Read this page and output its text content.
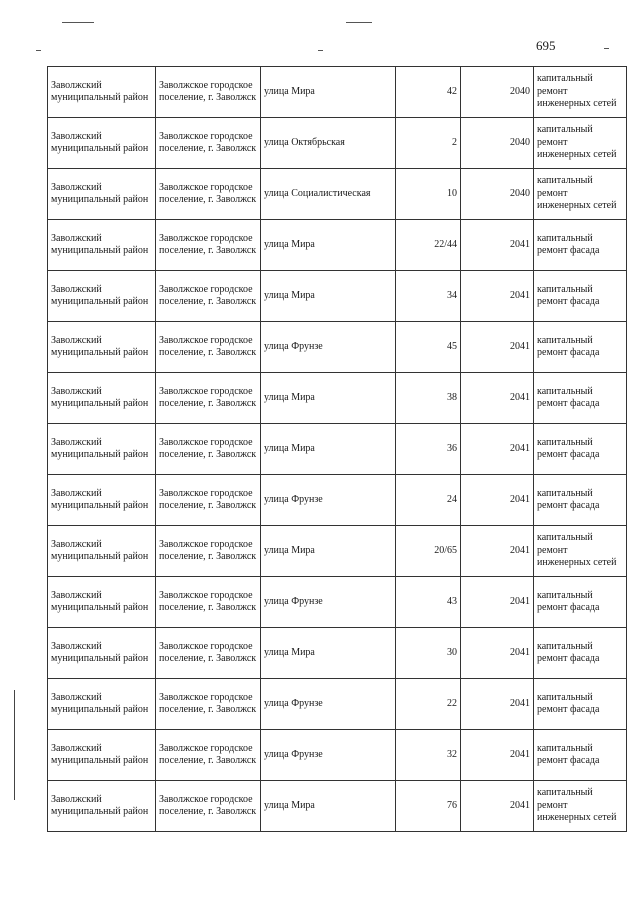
695
Заволжский муниципальный район	Заволжское городское поселение, г. Заволжск	улица Мира	42	2040	капитальный ремонт инженерных сетей
Заволжский муниципальный район	Заволжское городское поселение, г. Заволжск	улица Октябрьская	2	2040	капитальный ремонт инженерных сетей
Заволжский муниципальный район	Заволжское городское поселение, г. Заволжск	улица Социалистическая	10	2040	капитальный ремонт инженерных сетей
Заволжский муниципальный район	Заволжское городское поселение, г. Заволжск	улица Мира	22/44	2041	капитальный ремонт фасада
Заволжский муниципальный район	Заволжское городское поселение, г. Заволжск	улица Мира	34	2041	капитальный ремонт фасада
Заволжский муниципальный район	Заволжское городское поселение, г. Заволжск	улица Фрунзе	45	2041	капитальный ремонт фасада
Заволжский муниципальный район	Заволжское городское поселение, г. Заволжск	улица Мира	38	2041	капитальный ремонт фасада
Заволжский муниципальный район	Заволжское городское поселение, г. Заволжск	улица Мира	36	2041	капитальный ремонт фасада
Заволжский муниципальный район	Заволжское городское поселение, г. Заволжск	улица Фрунзе	24	2041	капитальный ремонт фасада
Заволжский муниципальный район	Заволжское городское поселение, г. Заволжск	улица Мира	20/65	2041	капитальный ремонт инженерных сетей
Заволжский муниципальный район	Заволжское городское поселение, г. Заволжск	улица Фрунзе	43	2041	капитальный ремонт фасада
Заволжский муниципальный район	Заволжское городское поселение, г. Заволжск	улица Мира	30	2041	капитальный ремонт фасада
Заволжский муниципальный район	Заволжское городское поселение, г. Заволжск	улица Фрунзе	22	2041	капитальный ремонт фасада
Заволжский муниципальный район	Заволжское городское поселение, г. Заволжск	улица Фрунзе	32	2041	капитальный ремонт фасада
Заволжский муниципальный район	Заволжское городское поселение, г. Заволжск	улица Мира	76	2041	капитальный ремонт инженерных сетей
